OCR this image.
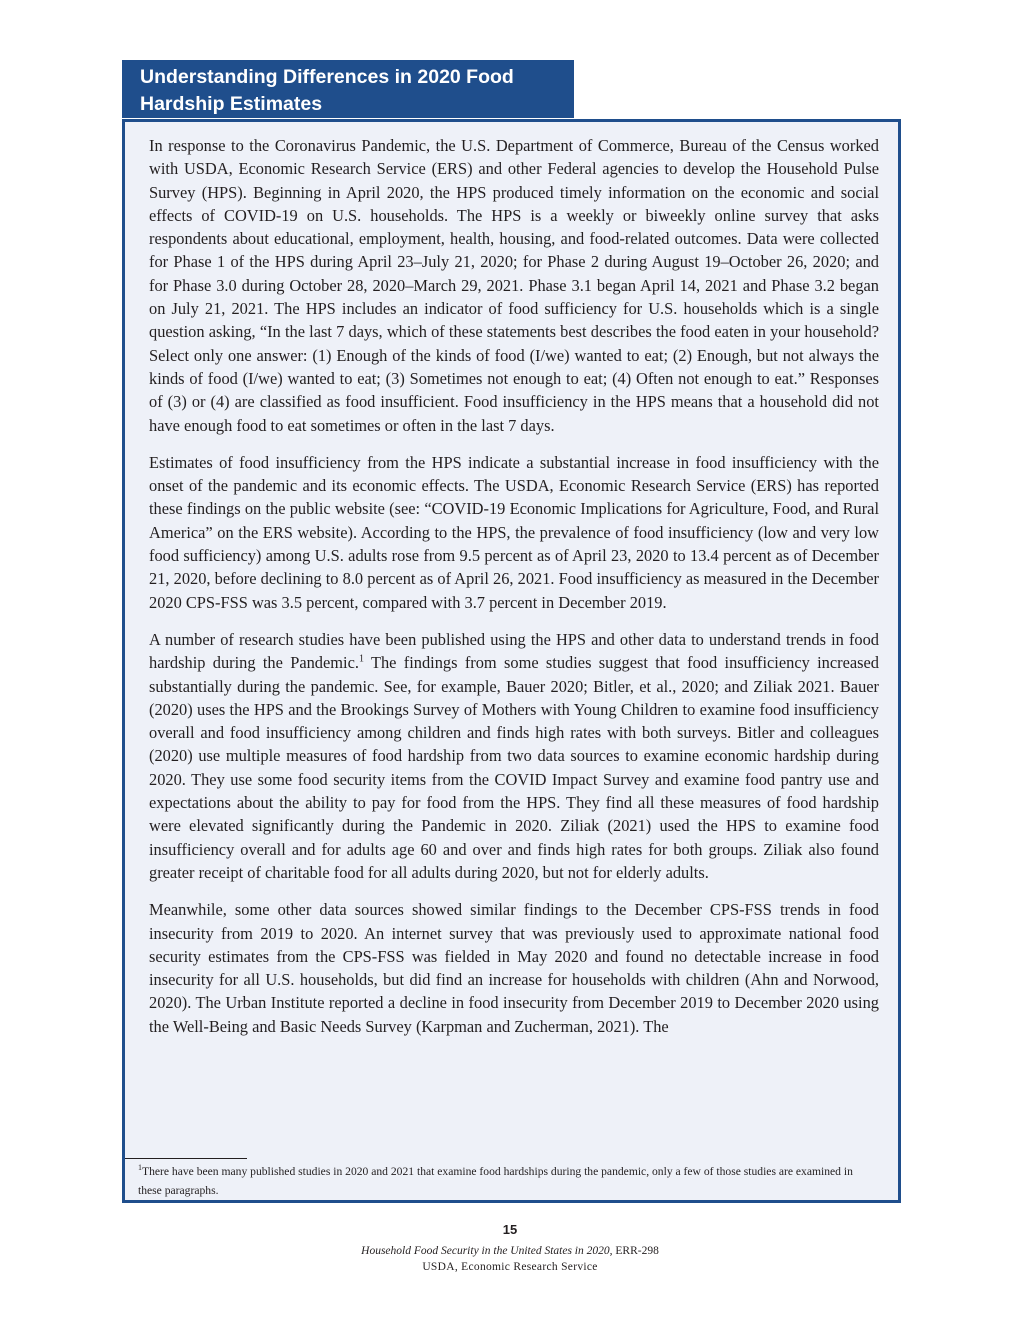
Understanding Differences in 2020 Food
Hardship Estimates

In response to the Coronavirus Pandemic, the U.S. Department of Commerce, Bureau of the Census worked with USDA, Economic Research Service (ERS) and other Federal agencies to develop the Household Pulse Survey (HPS). Beginning in April 2020, the HPS produced timely information on the economic and social effects of COVID-19 on U.S. households. The HPS is a weekly or biweekly online survey that asks respondents about educational, employment, health, housing, and food-related outcomes. Data were collected for Phase 1 of the HPS during April 23–July 21, 2020; for Phase 2 during August 19–October 26, 2020; and for Phase 3.0 during October 28, 2020–March 29, 2021. Phase 3.1 began April 14, 2021 and Phase 3.2 began on July 21, 2021. The HPS includes an indicator of food sufficiency for U.S. households which is a single question asking, “In the last 7 days, which of these statements best describes the food eaten in your household? Select only one answer: (1) Enough of the kinds of food (I/we) wanted to eat; (2) Enough, but not always the kinds of food (I/we) wanted to eat; (3) Sometimes not enough to eat; (4) Often not enough to eat.” Responses of (3) or (4) are classified as food insufficient. Food insufficiency in the HPS means that a household did not have enough food to eat sometimes or often in the last 7 days.

Estimates of food insufficiency from the HPS indicate a substantial increase in food insufficiency with the onset of the pandemic and its economic effects. The USDA, Economic Research Service (ERS) has reported these findings on the public website (see: “COVID-19 Economic Implications for Agriculture, Food, and Rural America” on the ERS website). According to the HPS, the prevalence of food insufficiency (low and very low food sufficiency) among U.S. adults rose from 9.5 percent as of April 23, 2020 to 13.4 percent as of December 21, 2020, before declining to 8.0 percent as of April 26, 2021. Food insufficiency as measured in the December 2020 CPS-FSS was 3.5 percent, compared with 3.7 percent in December 2019.

A number of research studies have been published using the HPS and other data to understand trends in food hardship during the Pandemic.$^1$ The findings from some studies suggest that food insufficiency increased substantially during the pandemic. See, for example, Bauer 2020; Bitler, et al., 2020; and Ziliak 2021. Bauer (2020) uses the HPS and the Brookings Survey of Mothers with Young Children to examine food insufficiency overall and food insufficiency among children and finds high rates with both surveys. Bitler and colleagues (2020) use multiple measures of food hardship from two data sources to examine economic hardship during 2020. They use some food security items from the COVID Impact Survey and examine food pantry use and expectations about the ability to pay for food from the HPS. They find all these measures of food hardship were elevated significantly during the Pandemic in 2020. Ziliak (2021) used the HPS to examine food insufficiency overall and for adults age 60 and over and finds high rates for both groups. Ziliak also found greater receipt of charitable food for all adults during 2020, but not for elderly adults.

Meanwhile, some other data sources showed similar findings to the December CPS-FSS trends in food insecurity from 2019 to 2020. An internet survey that was previously used to approximate national food security estimates from the CPS-FSS was fielded in May 2020 and found no detectable increase in food insecurity for all U.S. households, but did find an increase for households with children (Ahn and Norwood, 2020). The Urban Institute reported a decline in food insecurity from December 2019 to December 2020 using the Well-Being and Basic Needs Survey (Karpman and Zucherman, 2021). The

$^1$There have been many published studies in 2020 and 2021 that examine food hardships during the pandemic, only a few of those studies are examined in these paragraphs.
15
Household Food Security in the United States in 2020, ERR-298
USDA, Economic Research Service
